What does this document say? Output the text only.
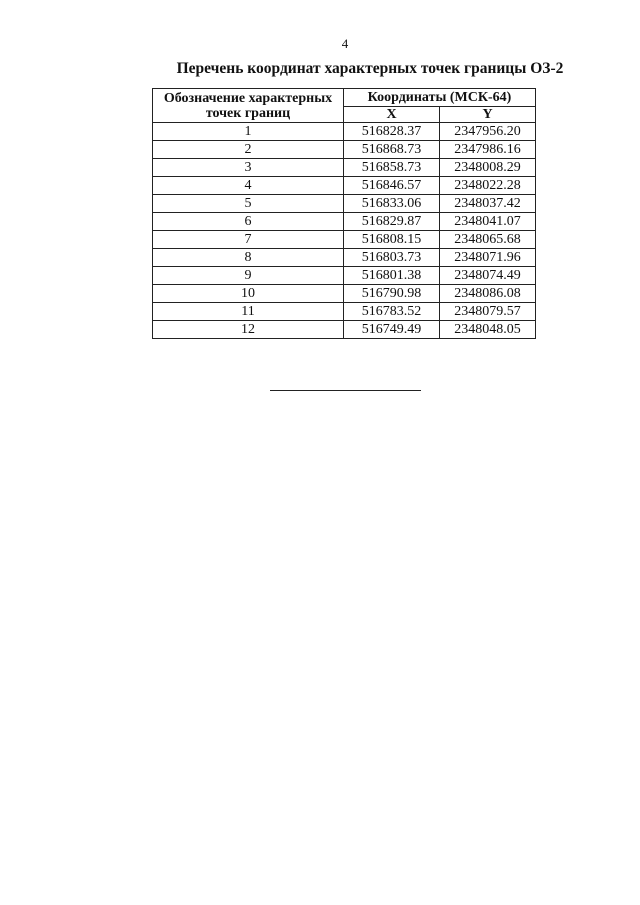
4
Перечень координат характерных точек границы ОЗ-2
Обозначение характерных точек границ	Координаты (МСК-64)	
	X	Y
1	516828.37	2347956.20
2	516868.73	2347986.16
3	516858.73	2348008.29
4	516846.57	2348022.28
5	516833.06	2348037.42
6	516829.87	2348041.07
7	516808.15	2348065.68
8	516803.73	2348071.96
9	516801.38	2348074.49
10	516790.98	2348086.08
11	516783.52	2348079.57
12	516749.49	2348048.05
